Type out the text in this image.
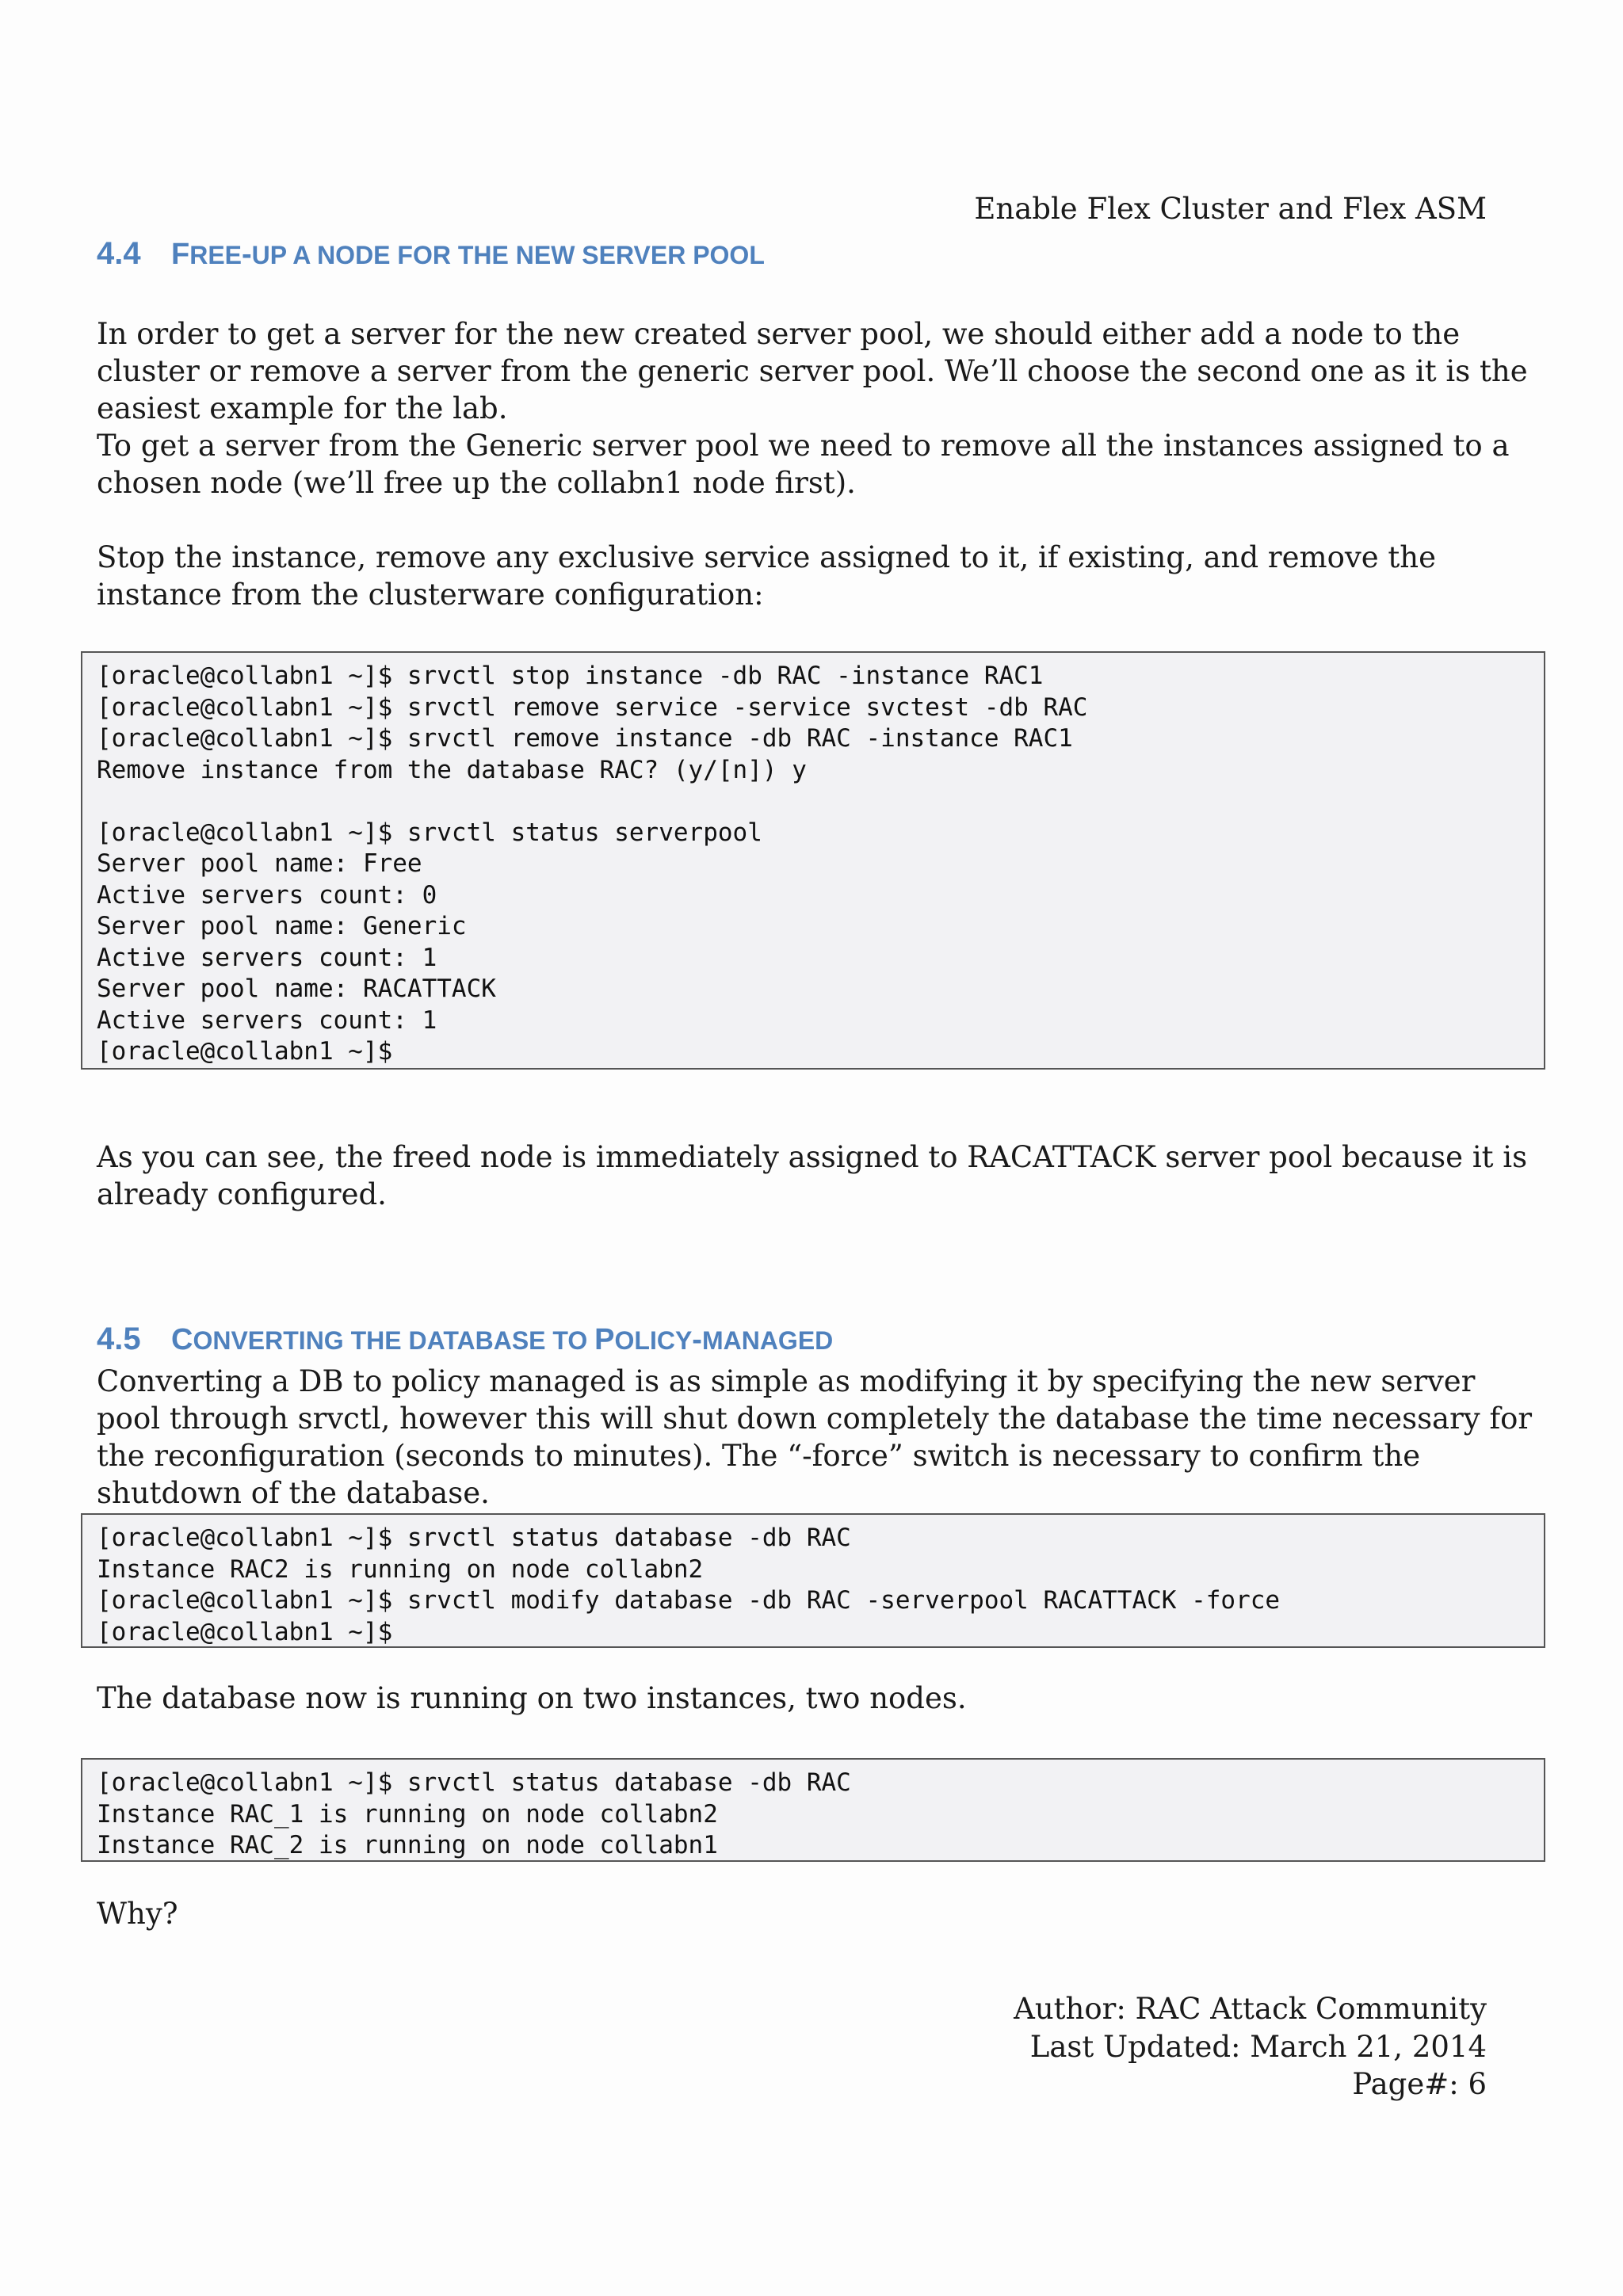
Enable Flex Cluster and Flex ASM
4.4 FREE-UP A NODE FOR THE NEW SERVER POOL

In order to get a server for the new created server pool, we should either add a node to the cluster or remove a server from the generic server pool. We’ll choose the second one as it is the easiest example for the lab.

To get a server from the Generic server pool we need to remove all the instances assigned to a chosen node (we’ll free up the collabn1 node first).

Stop the instance, remove any exclusive service assigned to it, if existing, and remove the instance from the clusterware configuration:

[oracle@collabn1 ~]$ srvctl stop instance -db RAC -instance RAC1
[oracle@collabn1 ~]$ srvctl remove service -service svctest -db RAC
[oracle@collabn1 ~]$ srvctl remove instance -db RAC -instance RAC1
Remove instance from the database RAC? (y/[n]) y
[oracle@collabn1 ~]$ srvctl status serverpool
Server pool name: Free
Active servers count: 0
Server pool name: Generic
Active servers count: 1
Server pool name: RACATTACK
Active servers count: 1
[oracle@collabn1 ~]$

As you can see, the freed node is immediately assigned to RACATTACK server pool because it is already configured.

4.5 CONVERTING THE DATABASE TO POLICY-MANAGED

Converting a DB to policy managed is as simple as modifying it by specifying the new server pool through srvctl, however this will shut down completely the database the time necessary for the reconfiguration (seconds to minutes). The “-force” switch is necessary to confirm the shutdown of the database.

[oracle@collabn1 ~]$ srvctl status database -db RAC
Instance RAC2 is running on node collabn2
[oracle@collabn1 ~]$ srvctl modify database -db RAC -serverpool RACATTACK -force
[oracle@collabn1 ~]$

The database now is running on two instances, two nodes.

[oracle@collabn1 ~]$ srvctl status database -db RAC
Instance RAC_1 is running on node collabn2
Instance RAC_2 is running on node collabn1

Why?

Author: RAC Attack Community
Last Updated: March 21, 2014
Page#: 6
